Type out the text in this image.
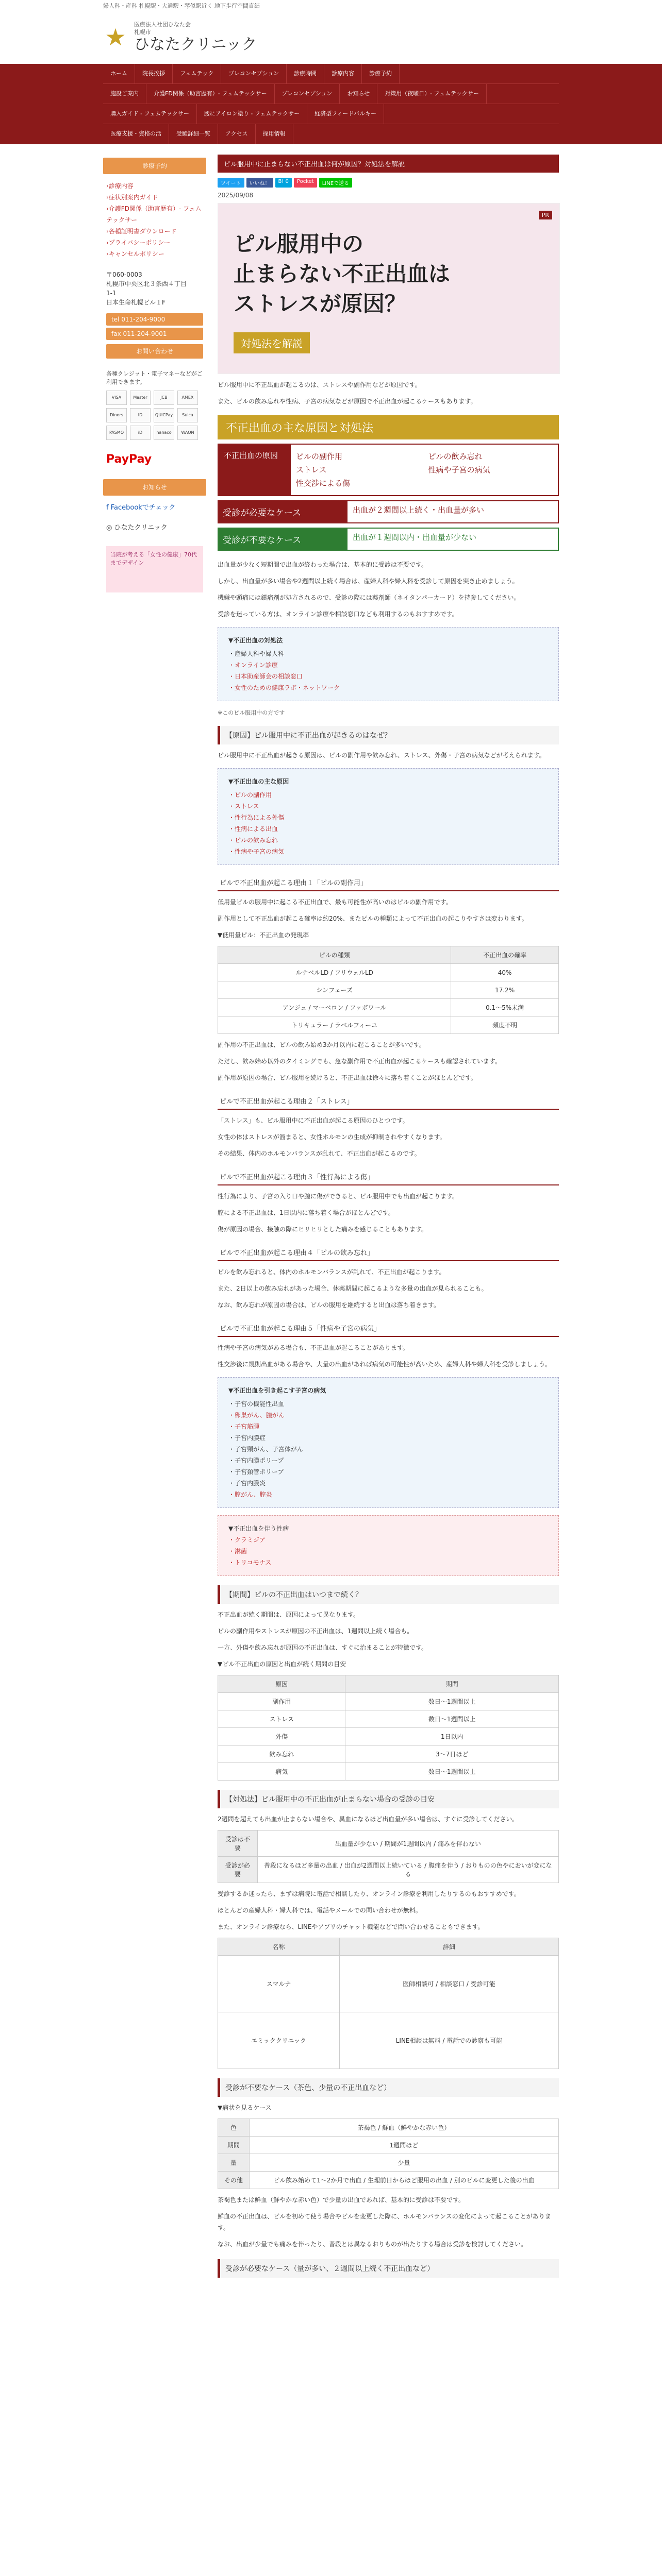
婦人科・産科 札幌駅・大通駅・琴似駅近く 地下歩行空間直結
★	医療法人社団ひなた会
札幌市
ひなたクリニック
ホーム	院長挨拶	フェムテック	プレコンセプション	診療時間	診療内容	診療予約
施設ご案内	介護FD関係（助言歴有）- フェムテックサー	プレコンセプション	お知らせ	対策用（夜曜日）- フェムテックサー
購入ガイド - フェムテックサー	腰にアイロン塗り - フェムテックサー	経済型フィードバルキー
医療支援・資格の活	受験詳細一覧	アクセス	採用情報
診療予約
›診療内容
›症状別案内ガイド
›介護FD関係（助言歴有）- フェムテックサー
›各種証明書ダウンロード
›プライバシーポリシー
›キャンセルポリシー
〒060-0003
札幌市中央区北３条西４丁目
1-1
日本生命札幌ビル１F
tel 011-204-9000
fax 011-204-9001
お問い合わせ
各種クレジット・電子マネーなどがご利用できます。
VISA	Master	JCB	AMEX
Diners	ID	QUICPay	Suica
PASMO	iD	nanaco	WAON
PayPay
お知らせ
f Facebookでチェック
◎ ひなたクリニック
当院が考える「女性の健康」70代までデザイン
ピル服用中に止まらない不正出血は何が原因？対処法を解説
ツイート	いいね！	B! 0	Pocket	LINEで送る
2025/09/08
PR
ピル服用中の
止まらない不正出血は
ストレスが原因？
対処法を解説
ピル服用中に不正出血が起こるのは、ストレスや副作用などが原因です。
また、ピルの飲み忘れや性病、子宮の病気などが原因で不正出血が起こるケースもあります。
不正出血の主な原因と対処法
不正出血の原因	ピルの副作用
ストレス
性交渉による傷
ピルの飲み忘れ
性病や子宮の病気
受診が必要なケース	出血が２週間以上続く・出血量が多い
受診が不要なケース	出血が１週間以内・出血量が少ない
出血量が少なく短期間で出血が終わった場合は、基本的に受診は不要です。
しかし、出血量が多い場合や2週間以上続く場合は、産婦人科や婦人科を受診して原因を突き止めましょう。
機嫌や頭痛には鎮痛剤が処方されるので、受診の際には薬剤師（ネイタンパーカード）を持参してください。
受診を迷っている方は、オンライン診療や相談窓口なども利用するのもおすすめです。
▼不正出血の対処法
・産婦人科や婦人科
・オンライン診療
・日本助産師会の相談窓口
・女性のための健康ラボ・ネットワーク
※このピル服用中の方です
【原因】ピル服用中に不正出血が起きるのはなぜ？
ピル服用中に不正出血が起きる原因は、ピルの副作用や飲み忘れ、ストレス、外傷・子宮の病気などが考えられます。
▼不正出血の主な原因
・ピルの副作用
・ストレス
・性行為による外傷
・性病による出血
・ピルの飲み忘れ
・性病や子宮の病気
ピルで不正出血が起こる理由１「ピルの副作用」
低用量ピルの服用中に起こる不正出血で、最も可能性が高いのはピルの副作用です。
副作用として不正出血が起こる確率は約20%、またピルの種類によって不正出血の起こりやすさは変わります。
▼低用量ピル：不正出血の発現率
ピルの種類	不正出血の確率
ルナベルLD / フリウェルLD	40%
シンフェーズ	17.2%
アンジュ / マーベロン / ファボワール	0.1〜5%未満
トリキュラー / ラベルフィーユ	頻度不明
副作用の不正出血は、ピルの飲み始め3か月以内に起こることが多いです。
ただし、飲み始め以外のタイミングでも、急な副作用で不正出血が起こるケースも確認されています。
副作用が原因の場合、ピル服用を続けると、不正出血は徐々に落ち着くことがほとんどです。
ピルで不正出血が起こる理由２「ストレス」
「ストレス」も、ピル服用中に不正出血が起こる原因のひとつです。
女性の体はストレスが溜まると、女性ホルモンの生成が抑制されやすくなります。
その結果、体内のホルモンバランスが乱れて、不正出血が起こるのです。
ピルで不正出血が起こる理由３「性行為による傷」
性行為により、子宮の入り口や膣に傷ができると、ピル服用中でも出血が起こります。
膣による不正出血は、1日以内に落ち着く場合がほとんどです。
傷が原因の場合、接触の際にヒリヒリとした痛みを感じることもあります。
ピルで不正出血が起こる理由４「ピルの飲み忘れ」
ピルを飲み忘れると、体内のホルモンバランスが乱れて、不正出血が起こります。
また、2日以上の飲み忘れがあった場合、休薬期間に起こるような多量の出血が見られることも。
なお、飲み忘れが原因の場合は、ピルの服用を継続すると出血は落ち着きます。
ピルで不正出血が起こる理由５「性病や子宮の病気」
性病や子宮の病気がある場合も、不正出血が起こることがあります。
性交渉後に規則出血がある場合や、大量の出血があれば病気の可能性が高いため、産婦人科や婦人科を受診しましょう。
▼不正出血を引き起こす子宮の病気
・子宮の機能性出血
・卵巣がん、膣がん
・子宮筋腫
・子宮内膜症
・子宮頸がん、子宮体がん
・子宮内膜ポリープ
・子宮頚管ポリープ
・子宮内膜炎
・膣がん、膣炎
▼不正出血を伴う性病
・クラミジア
・淋菌
・トリコモナス
【期間】ピルの不正出血はいつまで続く？
不正出血が続く期間は、原因によって異なります。
ピルの副作用やストレスが原因の不正出血は、1週間以上続く場合も。
一方、外傷や飲み忘れが原因の不正出血は、すぐに治まることが特徴です。
▼ピル不正出血の原因と出血が続く期間の目安
原因	期間
副作用	数日〜1週間以上
ストレス	数日〜1週間以上
外傷	1日以内
飲み忘れ	3〜7日ほど
病気	数日〜1週間以上
【対処法】ピル服用中の不正出血が止まらない場合の受診の目安
2週間を超えても出血が止まらない場合や、異血になるほど出血量が多い場合は、すぐに受診してください。
受診は不要	出血量が少ない / 期間が1週間以内 / 痛みを伴わない
受診が必要	普段になるほど多量の出血 / 出血が2週間以上続いている / 腹痛を伴う / おりものの色やにおいが変になる
受診するか迷ったら、まずは病院に電話で相談したり、オンライン診療を利用したりするのもおすすめです。
ほとんどの産婦人科・婦人科では、電話やメールでの問い合わせが無料。
また、オンライン診療なら、LINEやアプリのチャット機能などで問い合わせることもできます。
名称	詳細
スマルナ	医師相談可 / 相談窓口 / 受診可能
エミッククリニック	LINE相談は無料 / 電話での診察も可能
受診が不要なケース（茶色、少量の不正出血など）
▼病状を見るケース
色	茶褐色 / 鮮血（鮮やかな赤い色）
期間	1週間ほど
量	少量
その他	ピル飲み始めて1〜2か月で出血 / 生理前日からほど服用の出血 / 別のピルに変更した後の出血
茶褐色または鮮血（鮮やかな赤い色）で少量の出血であれば、基本的に受診は不要です。
鮮血の不正出血は、ピルを初めて使う場合やピルを変更した際に、ホルモンバランスの変化によって起こることがあります。
なお、出血が少量でも痛みを伴ったり、普段とは異なるおりものが出たりする場合は受診を検討してください。
受診が必要なケース（量が多い、２週間以上続く不正出血など）
